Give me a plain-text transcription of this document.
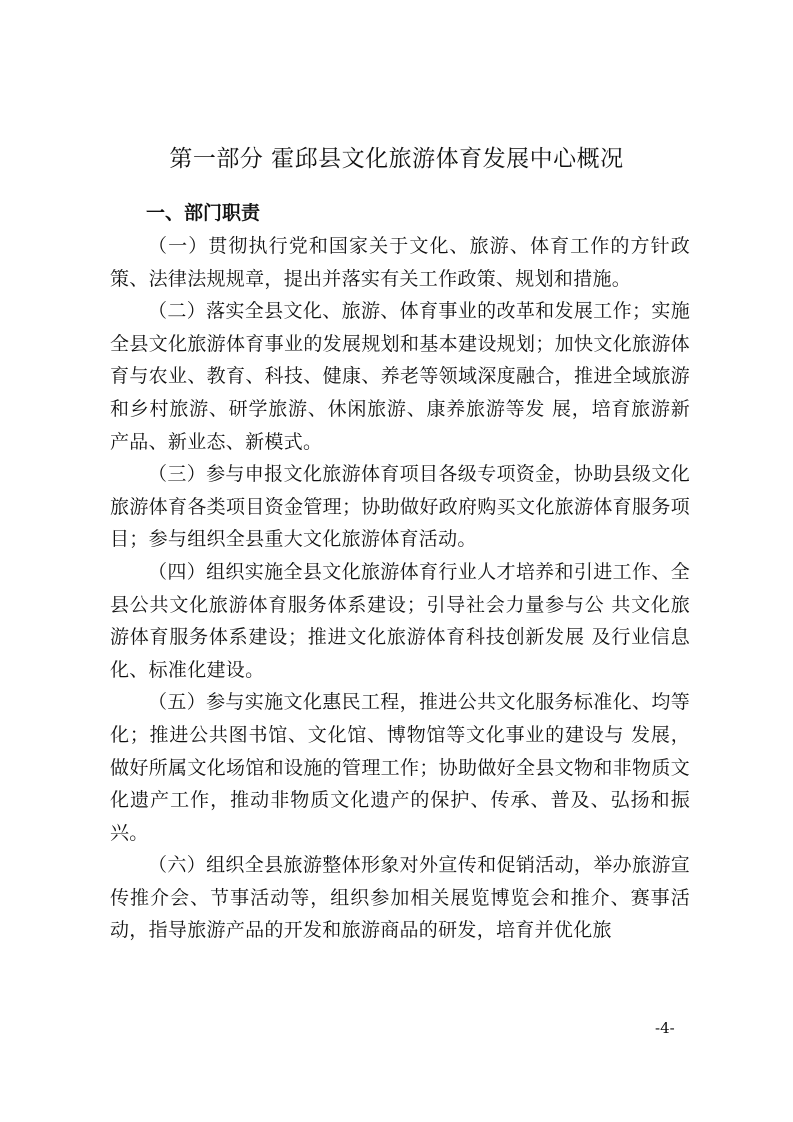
第一部分 霍邱县文化旅游体育发展中心概况
一、部门职责

（一）贯彻执行党和国家关于文化、旅游、体育工作的方针政策、法律法规规章，提出并落实有关工作政策、规划和措施。

（二）落实全县文化、旅游、体育事业的改革和发展工作；实施全县文化旅游体育事业的发展规划和基本建设规划；加快文化旅游体育与农业、教育、科技、健康、养老等领域深度融合，推进全域旅游和乡村旅游、研学旅游、休闲旅游、康养旅游等发 展，培育旅游新产品、新业态、新模式。

（三）参与申报文化旅游体育项目各级专项资金，协助县级文化旅游体育各类项目资金管理；协助做好政府购买文化旅游体育服务项目；参与组织全县重大文化旅游体育活动。

（四）组织实施全县文化旅游体育行业人才培养和引进工作、全县公共文化旅游体育服务体系建设；引导社会力量参与公 共文化旅游体育服务体系建设；推进文化旅游体育科技创新发展 及行业信息化、标准化建设。

（五）参与实施文化惠民工程，推进公共文化服务标准化、均等化；推进公共图书馆、文化馆、博物馆等文化事业的建设与 发展，做好所属文化场馆和设施的管理工作；协助做好全县文物和非物质文化遗产工作，推动非物质文化遗产的保护、传承、普及、弘扬和振兴。

（六）组织全县旅游整体形象对外宣传和促销活动，举办旅游宣传推介会、节事活动等，组织参加相关展览博览会和推介、赛事活动，指导旅游产品的开发和旅游商品的研发，培育并优化旅

-4-
